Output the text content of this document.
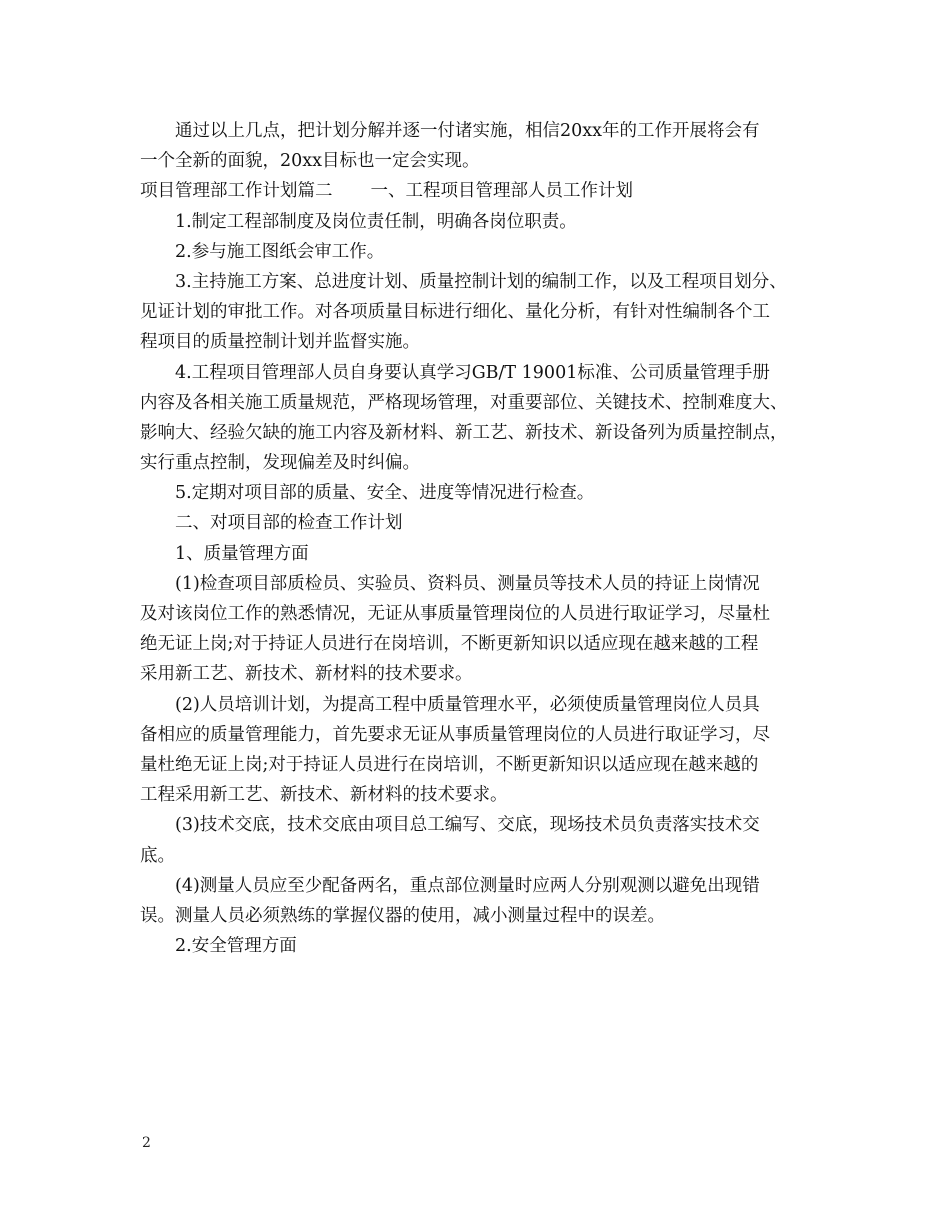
通过以上几点，把计划分解并逐一付诸实施，相信20xx年的工作开展将会有
一个全新的面貌，20xx目标也一定会实现。
项目管理部工作计划篇二 一、工程项目管理部人员工作计划
1.制定工程部制度及岗位责任制，明确各岗位职责。
2.参与施工图纸会审工作。
3.主持施工方案、总进度计划、质量控制计划的编制工作，以及工程项目划分、
见证计划的审批工作。对各项质量目标进行细化、量化分析，有针对性编制各个工
程项目的质量控制计划并监督实施。
4.工程项目管理部人员自身要认真学习GB/T 19001标准、公司质量管理手册
内容及各相关施工质量规范，严格现场管理，对重要部位、关键技术、控制难度大、
影响大、经验欠缺的施工内容及新材料、新工艺、新技术、新设备列为质量控制点，
实行重点控制，发现偏差及时纠偏。
5.定期对项目部的质量、安全、进度等情况进行检查。
二、对项目部的检查工作计划
1、质量管理方面
(1)检查项目部质检员、实验员、资料员、测量员等技术人员的持证上岗情况
及对该岗位工作的熟悉情况，无证从事质量管理岗位的人员进行取证学习，尽量杜
绝无证上岗;对于持证人员进行在岗培训，不断更新知识以适应现在越来越的工程
采用新工艺、新技术、新材料的技术要求。
(2)人员培训计划，为提高工程中质量管理水平，必须使质量管理岗位人员具
备相应的质量管理能力，首先要求无证从事质量管理岗位的人员进行取证学习，尽
量杜绝无证上岗;对于持证人员进行在岗培训，不断更新知识以适应现在越来越的
工程采用新工艺、新技术、新材料的技术要求。
(3)技术交底，技术交底由项目总工编写、交底，现场技术员负责落实技术交
底。
(4)测量人员应至少配备两名，重点部位测量时应两人分别观测以避免出现错
误。测量人员必须熟练的掌握仪器的使用，减小测量过程中的误差。
2.安全管理方面
2
